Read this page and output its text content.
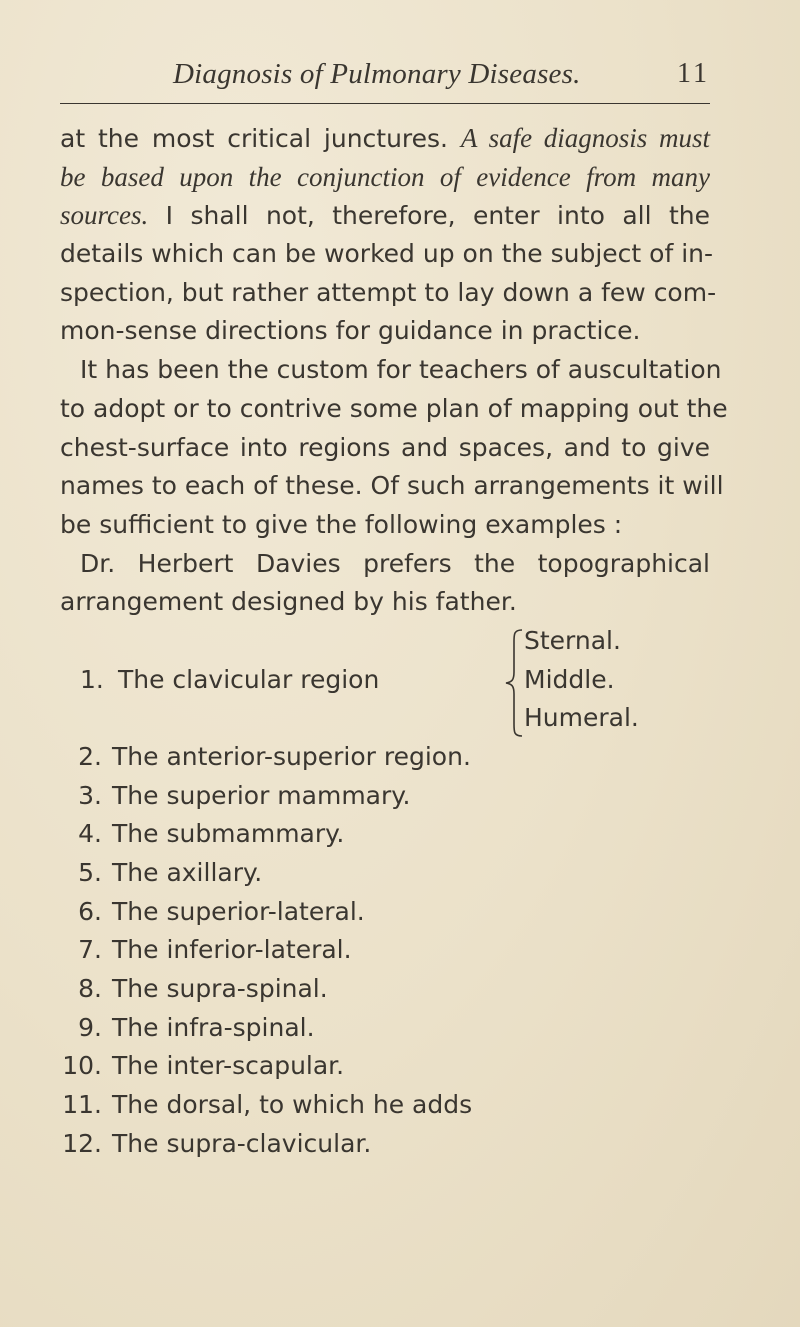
Diagnosis of Pulmonary Diseases.	11
at the most critical junctures. A safe diagnosis must
be based upon the conjunction of evidence from many
sources. I shall not, therefore, enter into all the
details which can be worked up on the subject of in-
spection, but rather attempt to lay down a few com-
mon-sense directions for guidance in practice.
It has been the custom for teachers of auscultation
to adopt or to contrive some plan of mapping out the
chest-surface into regions and spaces, and to give
names to each of these. Of such arrangements it will
be sufficient to give the following examples :
Dr. Herbert Davies prefers the topographical
arrangement designed by his father.
1. The clavicular region
Sternal.
Middle.
Humeral.
2. The anterior-superior region.
3. The superior mammary.
4. The submammary.
5. The axillary.
6. The superior-lateral.
7. The inferior-lateral.
8. The supra-spinal.
9. The infra-spinal.
10. The inter-scapular.
11. The dorsal, to which he adds
12. The supra-clavicular.
